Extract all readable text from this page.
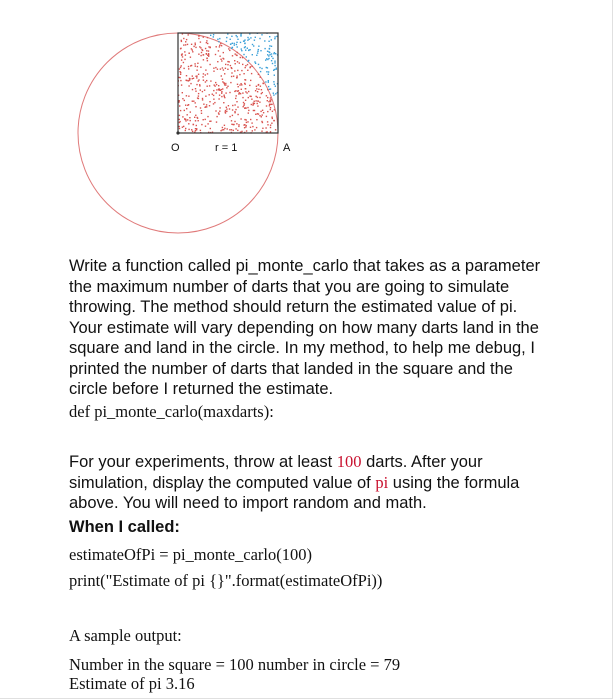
O	r = 1	A
Write a function called pi_monte_carlo that takes as a parameter the maximum number of darts that you are going to simulate throwing. The method should return the estimated value of pi. Your estimate will vary depending on how many darts land in the square and land in the circle. In my method, to help me debug, I printed the number of darts that landed in the square and the circle before I returned the estimate.
def pi_monte_carlo(maxdarts):
For your experiments, throw at least 100 darts. After your simulation, display the computed value of pi using the formula above. You will need to import random and math.
When I called:
estimateOfPi = pi_monte_carlo(100)
print("Estimate of pi {}".format(estimateOfPi))
A sample output:
Number in the square = 100 number in circle = 79
Estimate of pi 3.16
